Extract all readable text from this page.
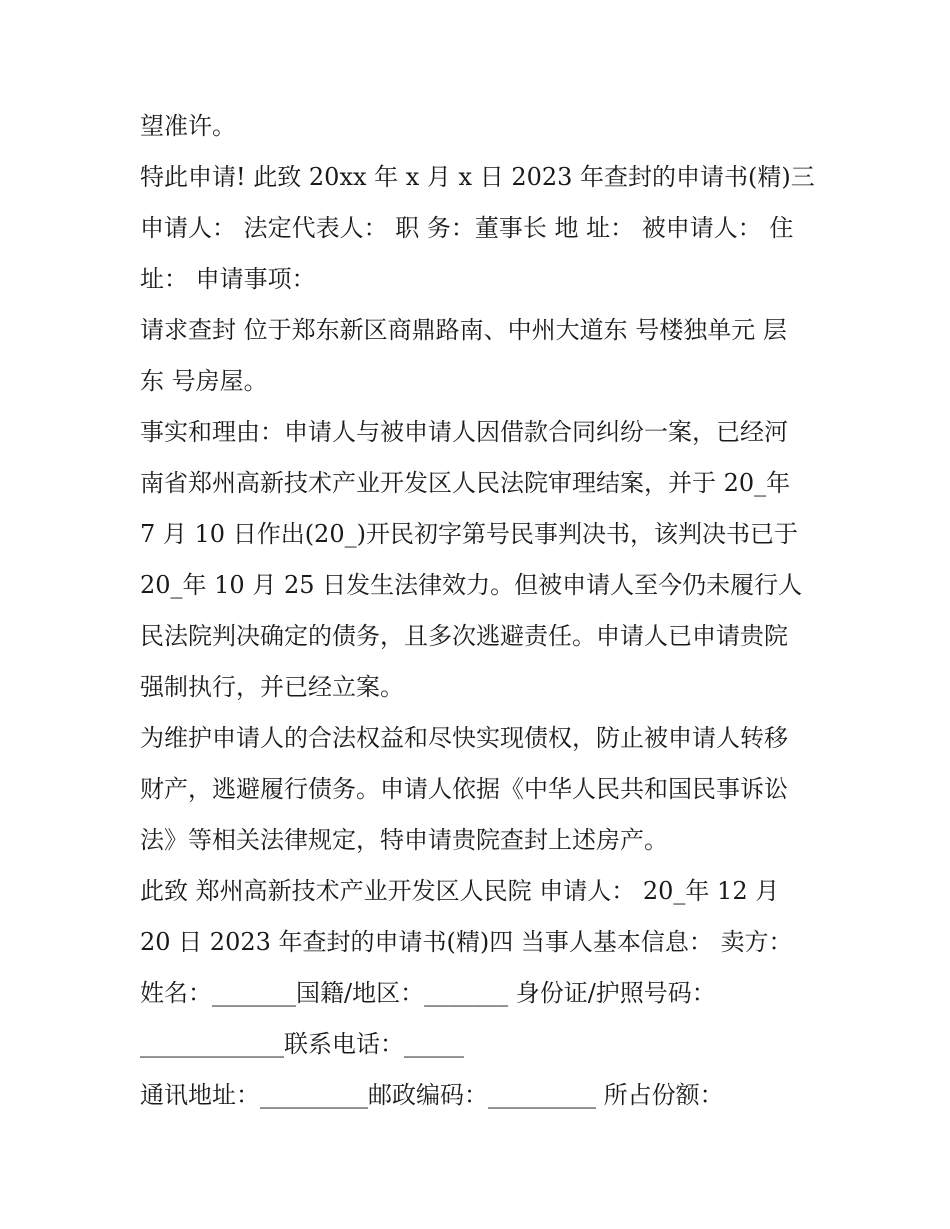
望准许。
特此申请! 此致 20xx 年 x 月 x 日 2023 年查封的申请书(精)三
申请人： 法定代表人： 职 务：董事长 地 址： 被申请人： 住
址： 申请事项：
请求查封 位于郑东新区商鼎路南、中州大道东 号楼独单元 层
东 号房屋。
事实和理由：申请人与被申请人因借款合同纠纷一案，已经河
南省郑州高新技术产业开发区人民法院审理结案，并于 20_年
7 月 10 日作出(20_)开民初字第号民事判决书，该判决书已于
20_年 10 月 25 日发生法律效力。但被申请人至今仍未履行人
民法院判决确定的债务，且多次逃避责任。申请人已申请贵院
强制执行，并已经立案。
为维护申请人的合法权益和尽快实现债权，防止被申请人转移
财产，逃避履行债务。申请人依据《中华人民共和国民事诉讼
法》等相关法律规定，特申请贵院查封上述房产。
此致 郑州高新技术产业开发区人民院 申请人： 20_年 12 月
20 日 2023 年查封的申请书(精)四 当事人基本信息： 卖方：
姓名：_______国籍/地区：_______ 身份证/护照号码：
____________联系电话：_____
通讯地址：_________邮政编码：_________ 所占份额：
